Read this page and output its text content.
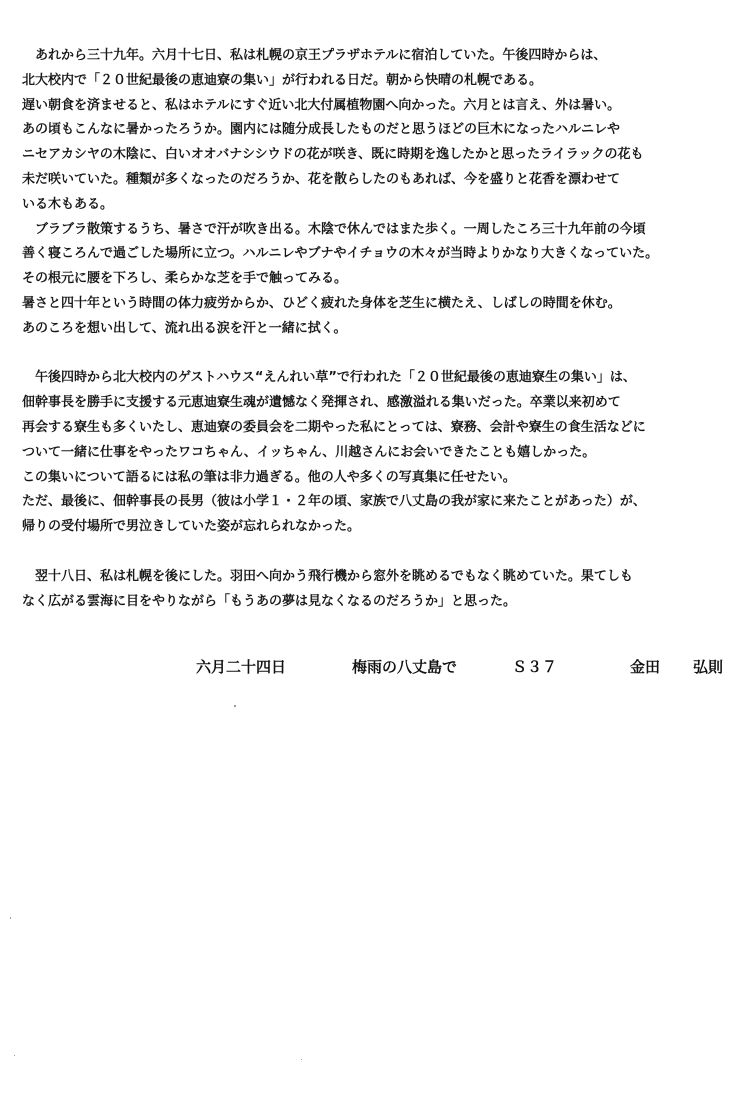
　あれから三十九年。六月十七日、私は札幌の京王プラザホテルに宿泊していた。午後四時からは、
北大校内で「２０世紀最後の恵迪寮の集い」が行われる日だ。朝から快晴の札幌である。
遅い朝食を済ませると、私はホテルにすぐ近い北大付属植物園へ向かった。六月とは言え、外は暑い。
あの頃もこんなに暑かったろうか。園内には随分成長したものだと思うほどの巨木になったハルニレや
ニセアカシヤの木陰に、白いオオバナシシウドの花が咲き、既に時期を逸したかと思ったライラックの花も
未だ咲いていた。種類が多くなったのだろうか、花を散らしたのもあれば、今を盛りと花香を漂わせて
いる木もある。
　ブラブラ散策するうち、暑さで汗が吹き出る。木陰で休んではまた歩く。一周したころ三十九年前の今頃
善く寝ころんで過ごした場所に立つ。ハルニレやブナやイチョウの木々が当時よりかなり大きくなっていた。
その根元に腰を下ろし、柔らかな芝を手で触ってみる。
暑さと四十年という時間の体力疲労からか、ひどく疲れた身体を芝生に横たえ、しばしの時間を休む。
あのころを想い出して、流れ出る涙を汗と一緒に拭く。
　午後四時から北大校内のゲストハウス“えんれい草”で行われた「２０世紀最後の恵迪寮生の集い」は、
佃幹事長を勝手に支援する元恵迪寮生魂が遺憾なく発揮され、感激溢れる集いだった。卒業以来初めて
再会する寮生も多くいたし、恵迪寮の委員会を二期やった私にとっては、寮務、会計や寮生の食生活などに
ついて一緒に仕事をやったワコちゃん、イッちゃん、川越さんにお会いできたことも嬉しかった。
この集いについて語るには私の筆は非力過ぎる。他の人や多くの写真集に任せたい。
ただ、最後に、佃幹事長の長男（彼は小学１・２年の頃、家族で八丈島の我が家に来たことがあった）が、
帰りの受付場所で男泣きしていた姿が忘れられなかった。
　翌十八日、私は札幌を後にした。羽田へ向かう飛行機から窓外を眺めるでもなく眺めていた。果てしも
なく広がる雲海に目をやりながら「もうあの夢は見なくなるのだろうか」と思った。
六月二十四日	梅雨の八丈島で	Ｓ３７	金田 弘則
